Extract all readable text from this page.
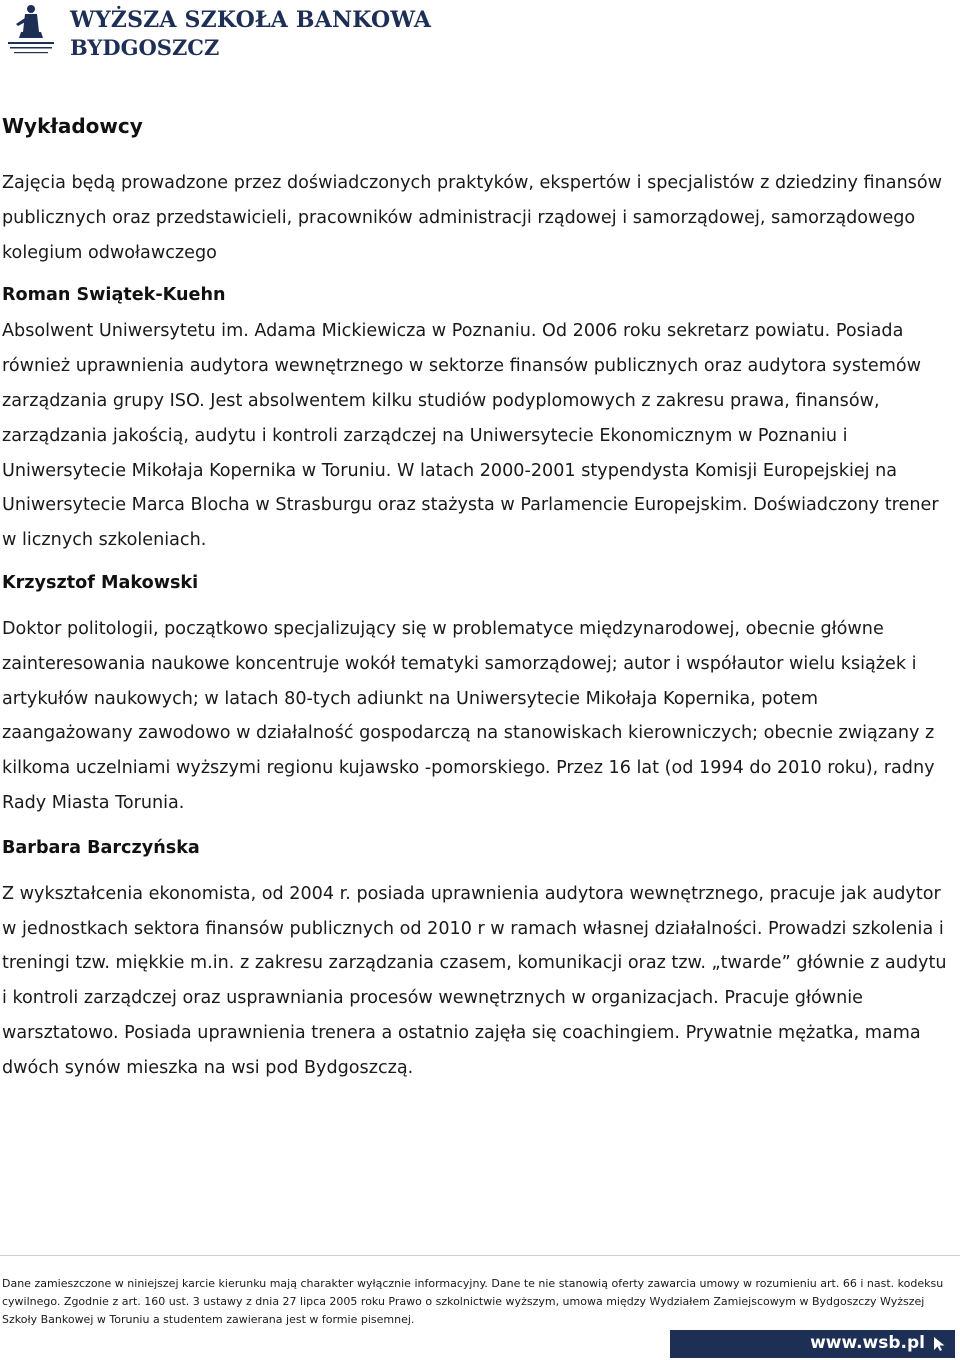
WYŻSZA SZKOŁA BANKOWA
BYDGOSZCZ
Wykładowcy

Zajęcia będą prowadzone przez doświadczonych praktyków, ekspertów i specjalistów z dziedziny finansów publicznych oraz przedstawicieli, pracowników administracji rządowej i samorządowej, samorządowego kolegium odwoławczego

Roman Swiątek-Kuehn

Absolwent Uniwersytetu im. Adama Mickiewicza w Poznaniu. Od 2006 roku sekretarz powiatu. Posiada również uprawnienia audytora wewnętrznego w sektorze finansów publicznych oraz audytora systemów zarządzania grupy ISO. Jest absolwentem kilku studiów podyplomowych z zakresu prawa, finansów, zarządzania jakością, audytu i kontroli zarządczej na Uniwersytecie Ekonomicznym w Poznaniu i Uniwersytecie Mikołaja Kopernika w Toruniu. W latach 2000-2001 stypendysta Komisji Europejskiej na Uniwersytecie Marca Blocha w Strasburgu oraz stażysta w Parlamencie Europejskim. Doświadczony trener w licznych szkoleniach.

Krzysztof Makowski

Doktor politologii, początkowo specjalizujący się w problematyce międzynarodowej, obecnie główne zainteresowania naukowe koncentruje wokół tematyki samorządowej; autor i współautor wielu książek i artykułów naukowych; w latach 80-tych adiunkt na Uniwersytecie Mikołaja Kopernika, potem zaangażowany zawodowo w działalność gospodarczą na stanowiskach kierowniczych; obecnie związany z kilkoma uczelniami wyższymi regionu kujawsko -pomorskiego. Przez 16 lat (od 1994 do 2010 roku), radny Rady Miasta Torunia.

Barbara Barczyńska

Z wykształcenia ekonomista, od 2004 r. posiada uprawnienia audytora wewnętrznego, pracuje jak audytor w jednostkach sektora finansów publicznych od 2010 r w ramach własnej działalności. Prowadzi szkolenia i treningi tzw. miękkie m.in. z zakresu zarządzania czasem, komunikacji oraz tzw. „twarde” głównie z audytu i kontroli zarządczej oraz usprawniania procesów wewnętrznych w organizacjach. Pracuje głównie warsztatowo. Posiada uprawnienia trenera a ostatnio zajęła się coachingiem. Prywatnie mężatka, mama dwóch synów mieszka na wsi pod Bydgoszczą.

Dane zamieszczone w niniejszej karcie kierunku mają charakter wyłącznie informacyjny. Dane te nie stanowią oferty zawarcia umowy w rozumieniu art. 66 i nast. kodeksu cywilnego. Zgodnie z art. 160 ust. 3 ustawy z dnia 27 lipca 2005 roku Prawo o szkolnictwie wyższym, umowa między Wydziałem Zamiejscowym w Bydgoszczy Wyższej Szkoły Bankowej w Toruniu a studentem zawierana jest w formie pisemnej.
www.wsb.pl
